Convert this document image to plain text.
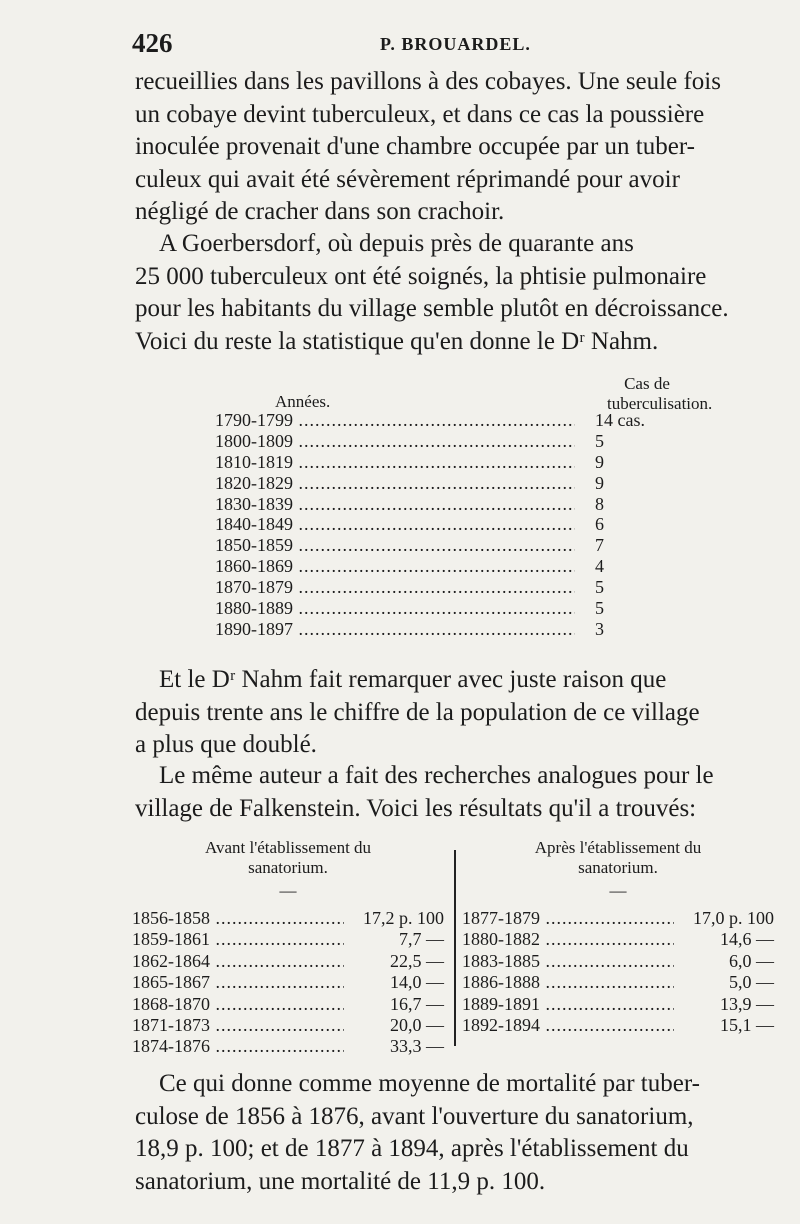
426	P. BROUARDEL.
recueillies dans les pavillons à des cobayes. Une seule fois
un cobaye devint tuberculeux, et dans ce cas la poussière
inoculée provenait d'une chambre occupée par un tuber-
culeux qui avait été sévèrement réprimandé pour avoir
négligé de cracher dans son crachoir.
A Goerbersdorf, où depuis près de quarante ans
25 000 tuberculeux ont été soignés, la phtisie pulmonaire
pour les habitants du village semble plutôt en décroissance.
Voici du reste la statistique qu'en donne le Dʳ Nahm.
Années.
Cas de
tuberculisation.
1790-1799 .....	14 cas.
1800-1809 .....	5
1810-1819 .....	9
1820-1829 .....	9
1830-1839 .....	8
1840-1849 .....	6
1850-1859 .....	7
1860-1869 .....	4
1870-1879 .....	5
1880-1889 .....	5
1890-1897 .....	3
Et le Dʳ Nahm fait remarquer avec juste raison que
depuis trente ans le chiffre de la population de ce village
a plus que doublé.
Le même auteur a fait des recherches analogues pour le
village de Falkenstein. Voici les résultats qu'il a trouvés:
Avant l'établissement du
sanatorium.
—
1856-1858 .....	17,2 p. 100
1859-1861 .....	7,7 —
1862-1864 .....	22,5 —
1865-1867 .....	14,0 —
1868-1870 .....	16,7 —
1871-1873 .....	20,0 —
1874-1876 .....	33,3 —
Après l'établissement du
sanatorium.
—
1877-1879 .....	17,0 p. 100
1880-1882 .....	14,6 —
1883-1885 .....	6,0 —
1886-1888 .....	5,0 —
1889-1891 .....	13,9 —
1892-1894 .....	15,1 —
Ce qui donne comme moyenne de mortalité par tuber-
culose de 1856 à 1876, avant l'ouverture du sanatorium,
18,9 p. 100; et de 1877 à 1894, après l'établissement du
sanatorium, une mortalité de 11,9 p. 100.
